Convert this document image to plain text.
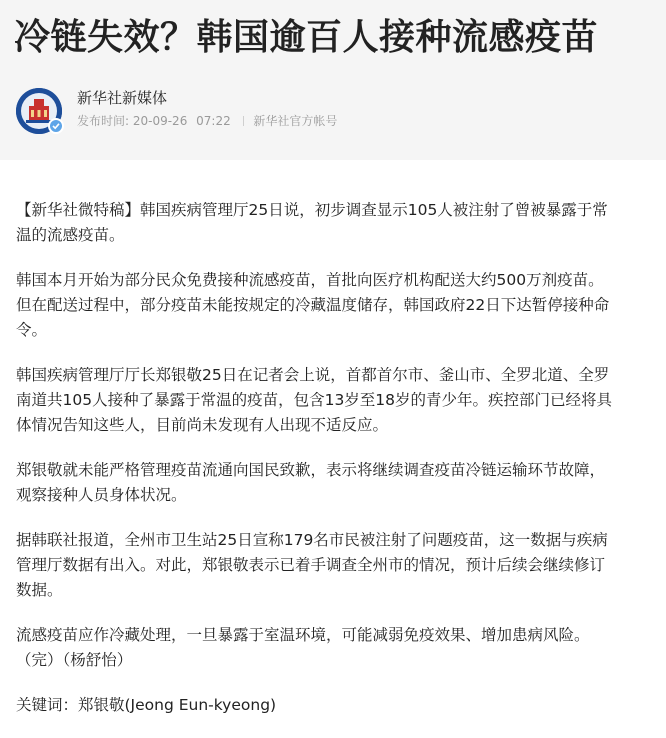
冷链失效？韩国逾百人接种流感疫苗
新华社新媒体
发布时间: 20-09-26 07:22 新华社官方帐号

【新华社微特稿】韩国疾病管理厅25日说，初步调查显示105人被注射了曾被暴露于常温的流感疫苗。

韩国本月开始为部分民众免费接种流感疫苗，首批向医疗机构配送大约500万剂疫苗。但在配送过程中，部分疫苗未能按规定的冷藏温度储存，韩国政府22日下达暂停接种命令。

韩国疾病管理厅厅长郑银敬25日在记者会上说，首都首尔市、釜山市、全罗北道、全罗南道共105人接种了暴露于常温的疫苗，包含13岁至18岁的青少年。疾控部门已经将具体情况告知这些人，目前尚未发现有人出现不适反应。

郑银敬就未能严格管理疫苗流通向国民致歉，表示将继续调查疫苗冷链运输环节故障，观察接种人员身体状况。

据韩联社报道，全州市卫生站25日宣称179名市民被注射了问题疫苗，这一数据与疾病管理厅数据有出入。对此，郑银敬表示已着手调查全州市的情况，预计后续会继续修订数据。

流感疫苗应作冷藏处理，一旦暴露于室温环境，可能减弱免疫效果、增加患病风险。（完）（杨舒怡）

关键词：郑银敬(Jeong Eun-kyeong)
